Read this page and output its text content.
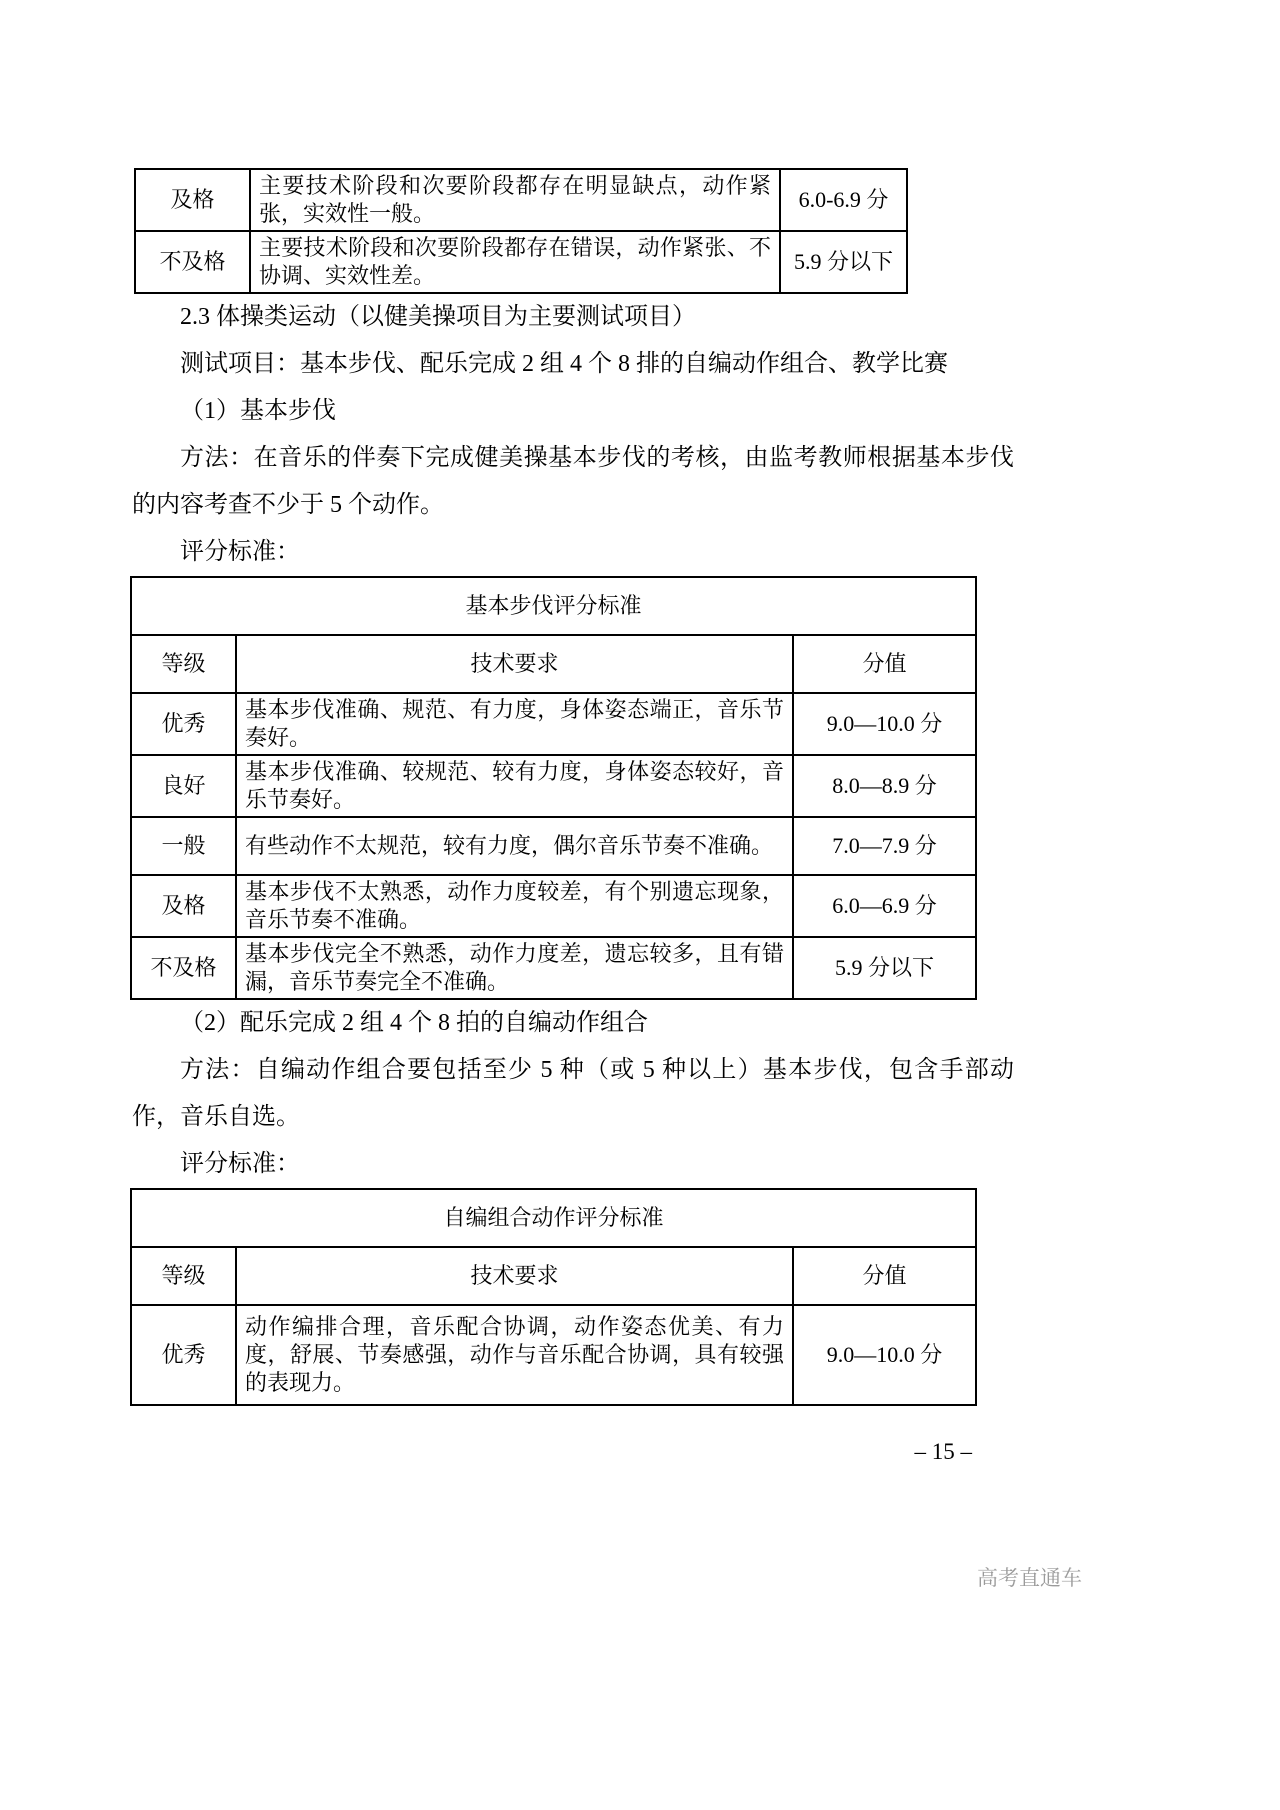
及格	主要技术阶段和次要阶段都存在明显缺点，动作紧张，实效性一般。	6.0-6.9 分
不及格	主要技术阶段和次要阶段都存在错误，动作紧张、不协调、实效性差。	5.9 分以下

2.3 体操类运动（以健美操项目为主要测试项目）

测试项目：基本步伐、配乐完成 2 组 4 个 8 排的自编动作组合、教学比赛

（1）基本步伐

方法：在音乐的伴奏下完成健美操基本步伐的考核，由监考教师根据基本步伐的内容考查不少于 5 个动作。

评分标准：

基本步伐评分标准		
等级	技术要求	分值
优秀	基本步伐准确、规范、有力度，身体姿态端正，音乐节奏好。	9.0—10.0 分
良好	基本步伐准确、较规范、较有力度，身体姿态较好，音乐节奏好。	8.0—8.9 分
一般	有些动作不太规范，较有力度，偶尔音乐节奏不准确。	7.0—7.9 分
及格	基本步伐不太熟悉，动作力度较差，有个别遗忘现象，音乐节奏不准确。	6.0—6.9 分
不及格	基本步伐完全不熟悉，动作力度差，遗忘较多，且有错漏，音乐节奏完全不准确。	5.9 分以下

（2）配乐完成 2 组 4 个 8 拍的自编动作组合

方法：自编动作组合要包括至少 5 种（或 5 种以上）基本步伐，包含手部动作，音乐自选。

评分标准：

自编组合动作评分标准		
等级	技术要求	分值
优秀	动作编排合理，音乐配合协调，动作姿态优美、有力度，舒展、节奏感强，动作与音乐配合协调，具有较强的表现力。	9.0—10.0 分
– 15 –
高考直通车
